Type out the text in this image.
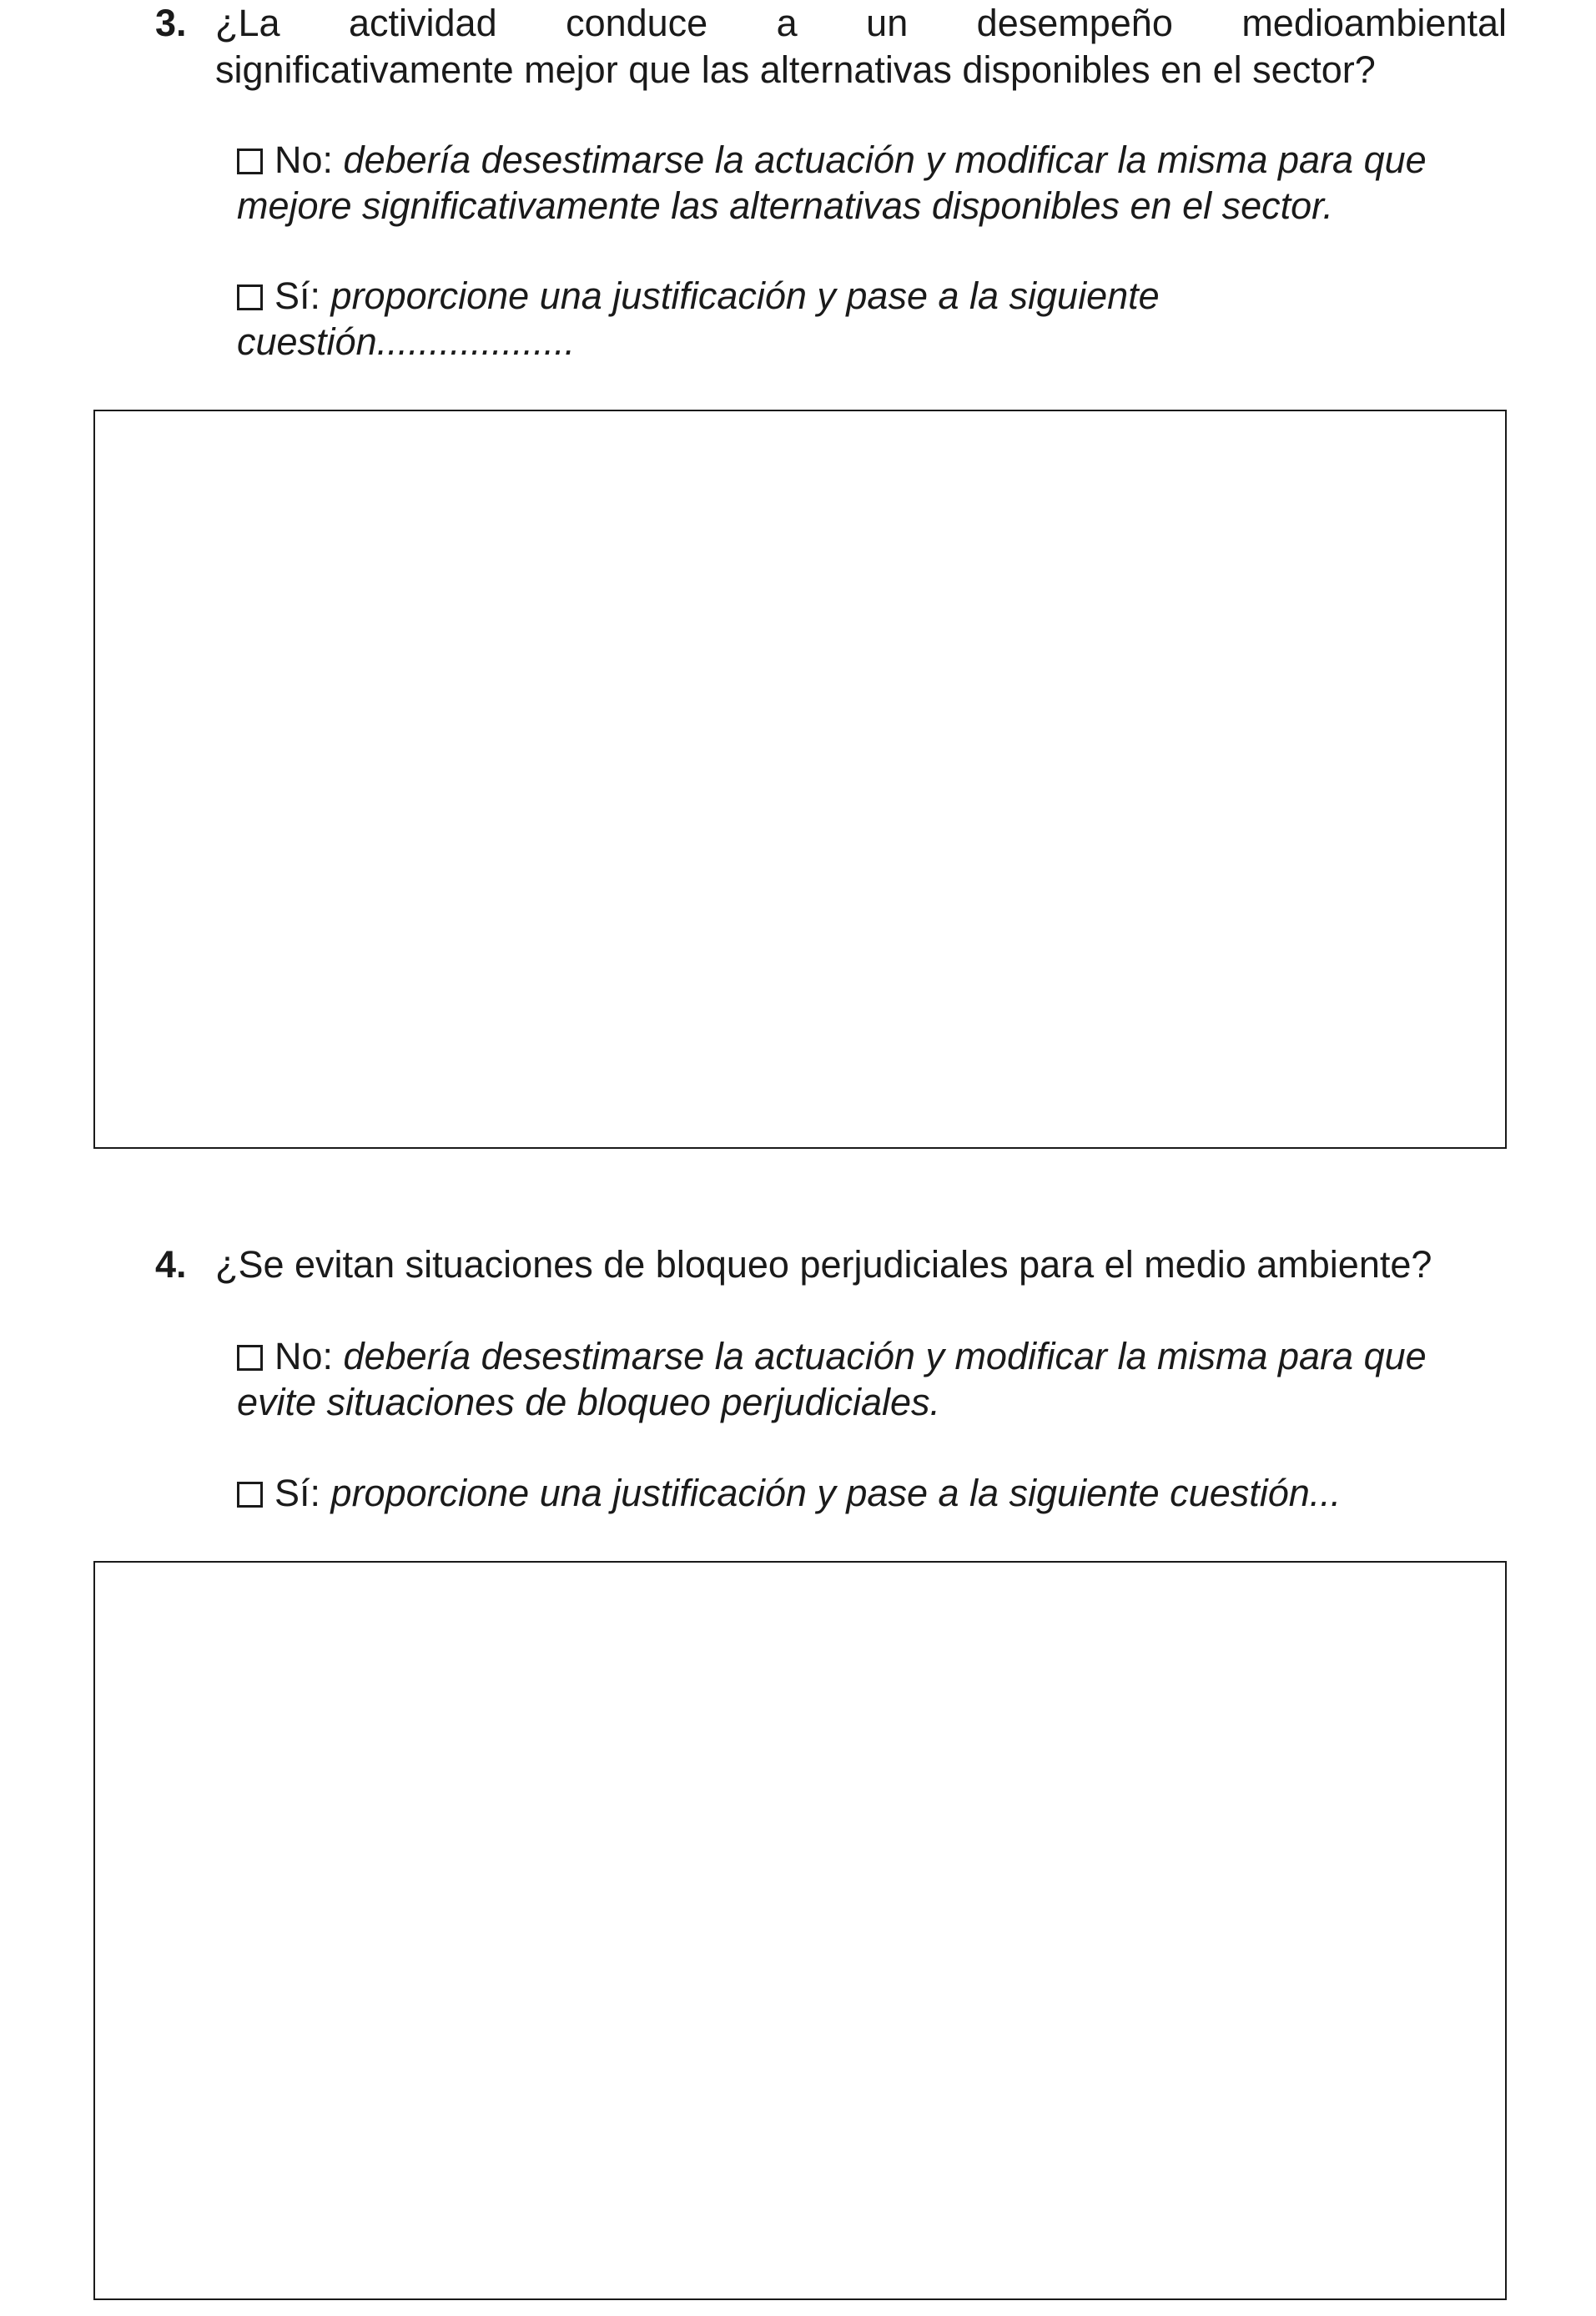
3. ¿La actividad conduce a un desempeño medioambiental
significativamente mejor que las alternativas disponibles en el sector?
No: debería desestimarse la actuación y modificar la misma para que
mejore significativamente las alternativas disponibles en el sector.
Sí: proporcione una justificación y pase a la siguiente
cuestión...................
4. ¿Se evitan situaciones de bloqueo perjudiciales para el medio ambiente?
No: debería desestimarse la actuación y modificar la misma para que
evite situaciones de bloqueo perjudiciales.
Sí: proporcione una justificación y pase a la siguiente cuestión...
